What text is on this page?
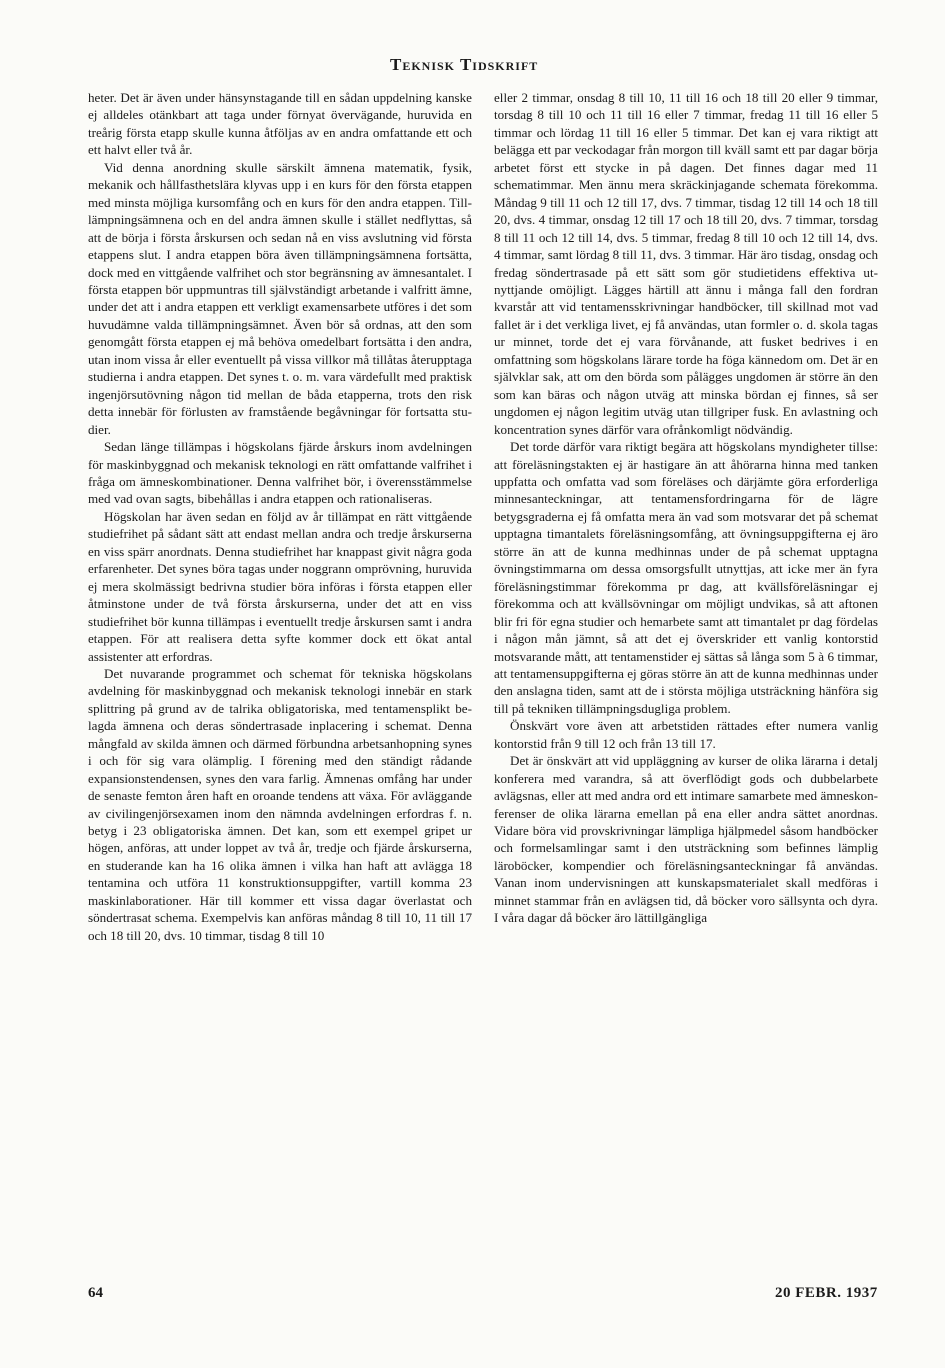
Teknisk Tidskrift

heter. Det är även under hänsynstagande till en sådan uppdelning kanske ej alldeles otänkbart att taga under förnyat övervägande, huruvida en treårig första etapp skulle kunna åtföljas av en andra omfattande ett och ett halvt eller två år.

Vid denna anordning skulle särskilt ämnena matematik, fysik, mekanik och hållfasthetslära klyvas upp i en kurs för den första etappen med minsta möjliga kursomfång och en kurs för den andra etappen. Tilllämpningsämnena och en del andra ämnen skulle i stället nedflyttas, så att de börja i första årskursen och sedan nå en viss avslutning vid första etappens slut. I andra etappen böra även tillämpningsämnena fortsätta, dock med en vittgående valfrihet och stor begränsning av ämnesantalet. I första etappen bör uppmuntras till självständigt arbetande i valfritt ämne, under det att i andra etappen ett verkligt examensarbete utföres i det som huvudämne valda tillämpningsämnet. Även bör så ordnas, att den som genomgått första etappen ej må behöva omedelbart fortsätta i den andra, utan inom vissa år eller eventuellt på vissa villkor må tillåtas återupptaga studierna i andra etappen. Det synes t. o. m. vara värdefullt med praktisk ingenjörsutövning någon tid mellan de båda etapperna, trots den risk detta innebär för förlusten av framstående begåvningar för fortsatta studier.

Sedan länge tillämpas i högskolans fjärde årskurs inom avdelningen för maskinbyggnad och mekanisk teknologi en rätt omfattande valfrihet i fråga om ämneskombinationer. Denna valfrihet bör, i överensstämmelse med vad ovan sagts, bibehållas i andra etappen och rationaliseras.

Högskolan har även sedan en följd av år tillämpat en rätt vittgående studiefrihet på sådant sätt att endast mellan andra och tredje årskurserna en viss spärr anordnats. Denna studiefrihet har knappast givit några goda erfarenheter. Det synes böra tagas under noggrann omprövning, huruvida ej mera skolmässigt bedrivna studier böra införas i första etappen eller åtminstone under de två första årskurserna, under det att en viss studiefrihet bör kunna tillämpas i eventuellt tredje årskursen samt i andra etappen. För att realisera detta syfte kommer dock ett ökat antal assistenter att erfordras.

Det nuvarande programmet och schemat för tekniska högskolans avdelning för maskinbyggnad och mekanisk teknologi innebär en stark splittring på grund av de talrika obligatoriska, med tentamensplikt belagda ämnena och deras söndertrasade inplacering i schemat. Denna mångfald av skilda ämnen och därmed förbundna arbetsanhopning synes i och för sig vara olämplig. I förening med den ständigt rådande expansionstendensen, synes den vara farlig. Ämnenas omfång har under de senaste femton åren haft en oroande tendens att växa. För avläggande av civilingenjörsexamen inom den nämnda avdelningen erfordras f. n. betyg i 23 obligatoriska ämnen. Det kan, som ett exempel gripet ur högen, anföras, att under loppet av två år, tredje och fjärde årskurserna, en studerande kan ha 16 olika ämnen i vilka han haft att avlägga 18 tentamina och utföra 11 konstruktionsuppgifter, vartill komma 23 maskinlaborationer. Här till kommer ett vissa dagar överlastat och söndertrasat schema. Exempelvis kan anföras måndag 8 till 10, 11 till 17 och 18 till 20, dvs. 10 timmar, tisdag 8 till 10

eller 2 timmar, onsdag 8 till 10, 11 till 16 och 18 till 20 eller 9 timmar, torsdag 8 till 10 och 11 till 16 eller 7 timmar, fredag 11 till 16 eller 5 timmar och lördag 11 till 16 eller 5 timmar. Det kan ej vara riktigt att belägga ett par veckodagar från morgon till kväll samt ett par dagar börja arbetet först ett stycke in på dagen. Det finnes dagar med 11 schematimmar. Men ännu mera skräckinjagande schemata förekomma. Måndag 9 till 11 och 12 till 17, dvs. 7 timmar, tisdag 12 till 14 och 18 till 20, dvs. 4 timmar, onsdag 12 till 17 och 18 till 20, dvs. 7 timmar, torsdag 8 till 11 och 12 till 14, dvs. 5 timmar, fredag 8 till 10 och 12 till 14, dvs. 4 timmar, samt lördag 8 till 11, dvs. 3 timmar. Här äro tisdag, onsdag och fredag söndertrasade på ett sätt som gör studietidens effektiva utnyttjande omöjligt. Lägges härtill att ännu i många fall den fordran kvarstår att vid tentamensskrivningar handböcker, till skillnad mot vad fallet är i det verkliga livet, ej få användas, utan formler o. d. skola tagas ur minnet, torde det ej vara förvånande, att fusket bedrives i en omfattning som högskolans lärare torde ha föga kännedom om. Det är en självklar sak, att om den börda som pålägges ungdomen är större än den som kan bäras och någon utväg att minska bördan ej finnes, så ser ungdomen ej någon legitim utväg utan tillgriper fusk. En avlastning och koncentration synes därför vara ofrånkomligt nödvändig.

Det torde därför vara riktigt begära att högskolans myndigheter tillse: att föreläsningstakten ej är hastigare än att åhörarna hinna med tanken uppfatta och omfatta vad som föreläses och därjämte göra erforderliga minnesanteckningar, att tentamensfordringarna för de lägre betygsgraderna ej få omfatta mera än vad som motsvarar det på schemat upptagna timantalets föreläsningsomfång, att övningsuppgifterna ej äro större än att de kunna medhinnas under de på schemat upptagna övningstimmarna om dessa omsorgsfullt utnyttjas, att icke mer än fyra föreläsningstimmar förekomma pr dag, att kvällsföreläsningar ej förekomma och att kvällsövningar om möjligt undvikas, så att aftonen blir fri för egna studier och hemarbete samt att timantalet pr dag fördelas i någon mån jämnt, så att det ej överskrider ett vanlig kontorstid motsvarande mått, att tentamenstider ej sättas så långa som 5 à 6 timmar, att tentamensuppgifterna ej göras större än att de kunna medhinnas under den anslagna tiden, samt att de i största möjliga utsträckning hänföra sig till på tekniken tillämpningsdugliga problem.

Önskvärt vore även att arbetstiden rättades efter numera vanlig kontorstid från 9 till 12 och från 13 till 17.

Det är önskvärt att vid uppläggning av kurser de olika lärarna i detalj konferera med varandra, så att överflödigt gods och dubbelarbete avlägsnas, eller att med andra ord ett intimare samarbete med ämneskonferenser de olika lärarna emellan på ena eller andra sättet anordnas. Vidare böra vid provskrivningar lämpliga hjälpmedel såsom handböcker och formelsamlingar samt i den utsträckning som befinnes lämplig läroböcker, kompendier och föreläsningsanteckningar få användas. Vanan inom undervisningen att kunskapsmaterialet skall medföras i minnet stammar från en avlägsen tid, då böcker voro sällsynta och dyra. I våra dagar då böcker äro lättillgängliga

64	20 FEBR. 1937
